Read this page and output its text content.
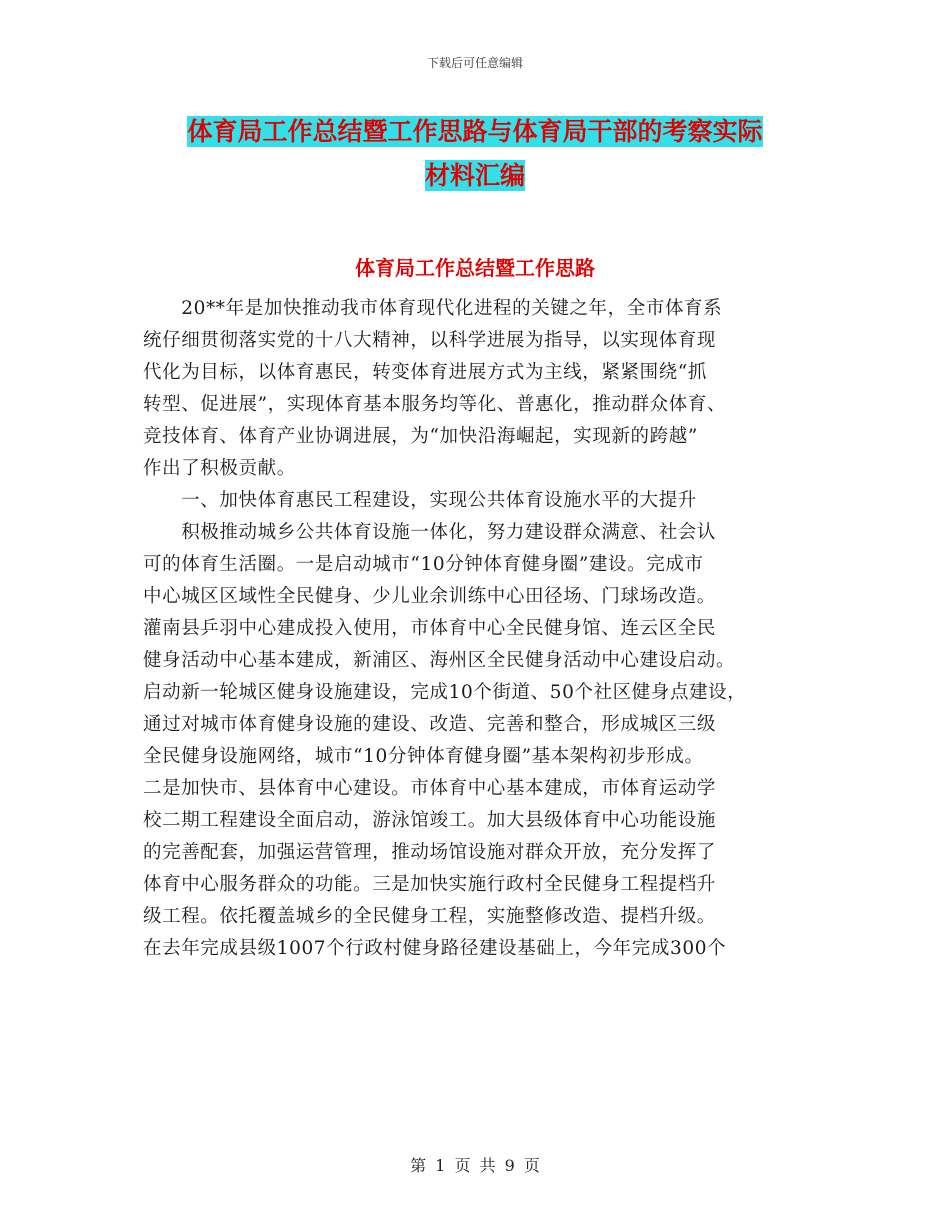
下载后可任意编辑
体育局工作总结暨工作思路与体育局干部的考察实际
材料汇编
体育局工作总结暨工作思路
　　20**年是加快推动我市体育现代化进程的关键之年，全市体育系
统仔细贯彻落实党的十八大精神，以科学进展为指导，以实现体育现
代化为目标，以体育惠民，转变体育进展方式为主线，紧紧围绕“抓
转型、促进展”，实现体育基本服务均等化、普惠化，推动群众体育、
竞技体育、体育产业协调进展，为“加快沿海崛起，实现新的跨越”
作出了积极贡献。
　　一、加快体育惠民工程建设，实现公共体育设施水平的大提升
　　积极推动城乡公共体育设施一体化，努力建设群众满意、社会认
可的体育生活圈。一是启动城市“10分钟体育健身圈”建设。完成市
中心城区区域性全民健身、少儿业余训练中心田径场、门球场改造。
灌南县乒羽中心建成投入使用，市体育中心全民健身馆、连云区全民
健身活动中心基本建成，新浦区、海州区全民健身活动中心建设启动。
启动新一轮城区健身设施建设，完成10个街道、50个社区健身点建设，
通过对城市体育健身设施的建设、改造、完善和整合，形成城区三级
全民健身设施网络，城市“10分钟体育健身圈”基本架构初步形成。
二是加快市、县体育中心建设。市体育中心基本建成，市体育运动学
校二期工程建设全面启动，游泳馆竣工。加大县级体育中心功能设施
的完善配套，加强运营管理，推动场馆设施对群众开放，充分发挥了
体育中心服务群众的功能。三是加快实施行政村全民健身工程提档升
级工程。依托覆盖城乡的全民健身工程，实施整修改造、提档升级。
在去年完成县级1007个行政村健身路径建设基础上，今年完成300个
第 1 页 共 9 页
